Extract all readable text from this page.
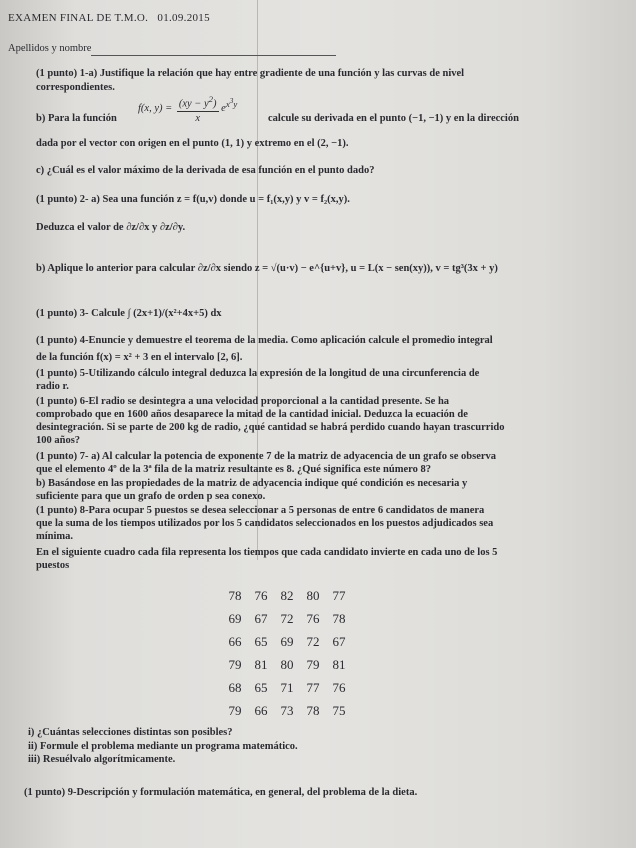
EXAMEN FINAL DE T.M.O. 01.09.2015
Apellidos y nombre
(1 punto) 1-a) Justifique la relación que hay entre gradiente de una función y las curvas de nivel
correspondientes.
b) Para la función
f(x, $y) = \frac{(xy - y^2)}{x} e^{x^3y}$
calcule su derivada en el punto (−1, −1) y en la dirección
dada por el vector con origen en el punto (1, 1) y extremo en el (2, −1).
c) ¿Cuál es el valor máximo de la derivada de esa función en el punto dado?
(1 punto) 2- a) Sea una función z = f(u,v) donde u = f₁(x,y) y v = f₂(x,y).
Deduzca el valor de ∂z/∂x y ∂z/∂y.
b) Aplique lo anterior para calcular ∂z/∂x siendo z = √(u·v) − e^{u+v}, u = L(x − sen(xy)), v = tg³(3x + y)
(1 punto) 3- Calcule ∫ (2x+1)/(x²+4x+5) dx
(1 punto) 4-Enuncie y demuestre el teorema de la media. Como aplicación calcule el promedio integral
de la función f(x) = x² + 3 en el intervalo [2, 6].
(1 punto) 5-Utilizando cálculo integral deduzca la expresión de la longitud de una circunferencia de
radio r.
(1 punto) 6-El radio se desintegra a una velocidad proporcional a la cantidad presente. Se ha
comprobado que en 1600 años desaparece la mitad de la cantidad inicial. Deduzca la ecuación de
desintegración. Si se parte de 200 kg de radio, ¿qué cantidad se habrá perdido cuando hayan trascurrido
100 años?
(1 punto) 7- a) Al calcular la potencia de exponente 7 de la matriz de adyacencia de un grafo se observa
que el elemento 4º de la 3ª fila de la matriz resultante es 8. ¿Qué significa este número 8?
b) Basándose en las propiedades de la matriz de adyacencia indique qué condición es necesaria y
suficiente para que un grafo de orden p sea conexo.
(1 punto) 8-Para ocupar 5 puestos se desea seleccionar a 5 personas de entre 6 candidatos de manera
que la suma de los tiempos utilizados por los 5 candidatos seleccionados en los puestos adjudicados sea
mínima.
En el siguiente cuadro cada fila representa los tiempos que cada candidato invierte en cada uno de los 5
puestos
78	76	82	80	77
69	67	72	76	78
66	65	69	72	67
79	81	80	79	81
68	65	71	77	76
79	66	73	78	75
i) ¿Cuántas selecciones distintas son posibles?
ii) Formule el problema mediante un programa matemático.
iii) Resuélvalo algorítmicamente.
(1 punto) 9-Descripción y formulación matemática, en general, del problema de la dieta.
